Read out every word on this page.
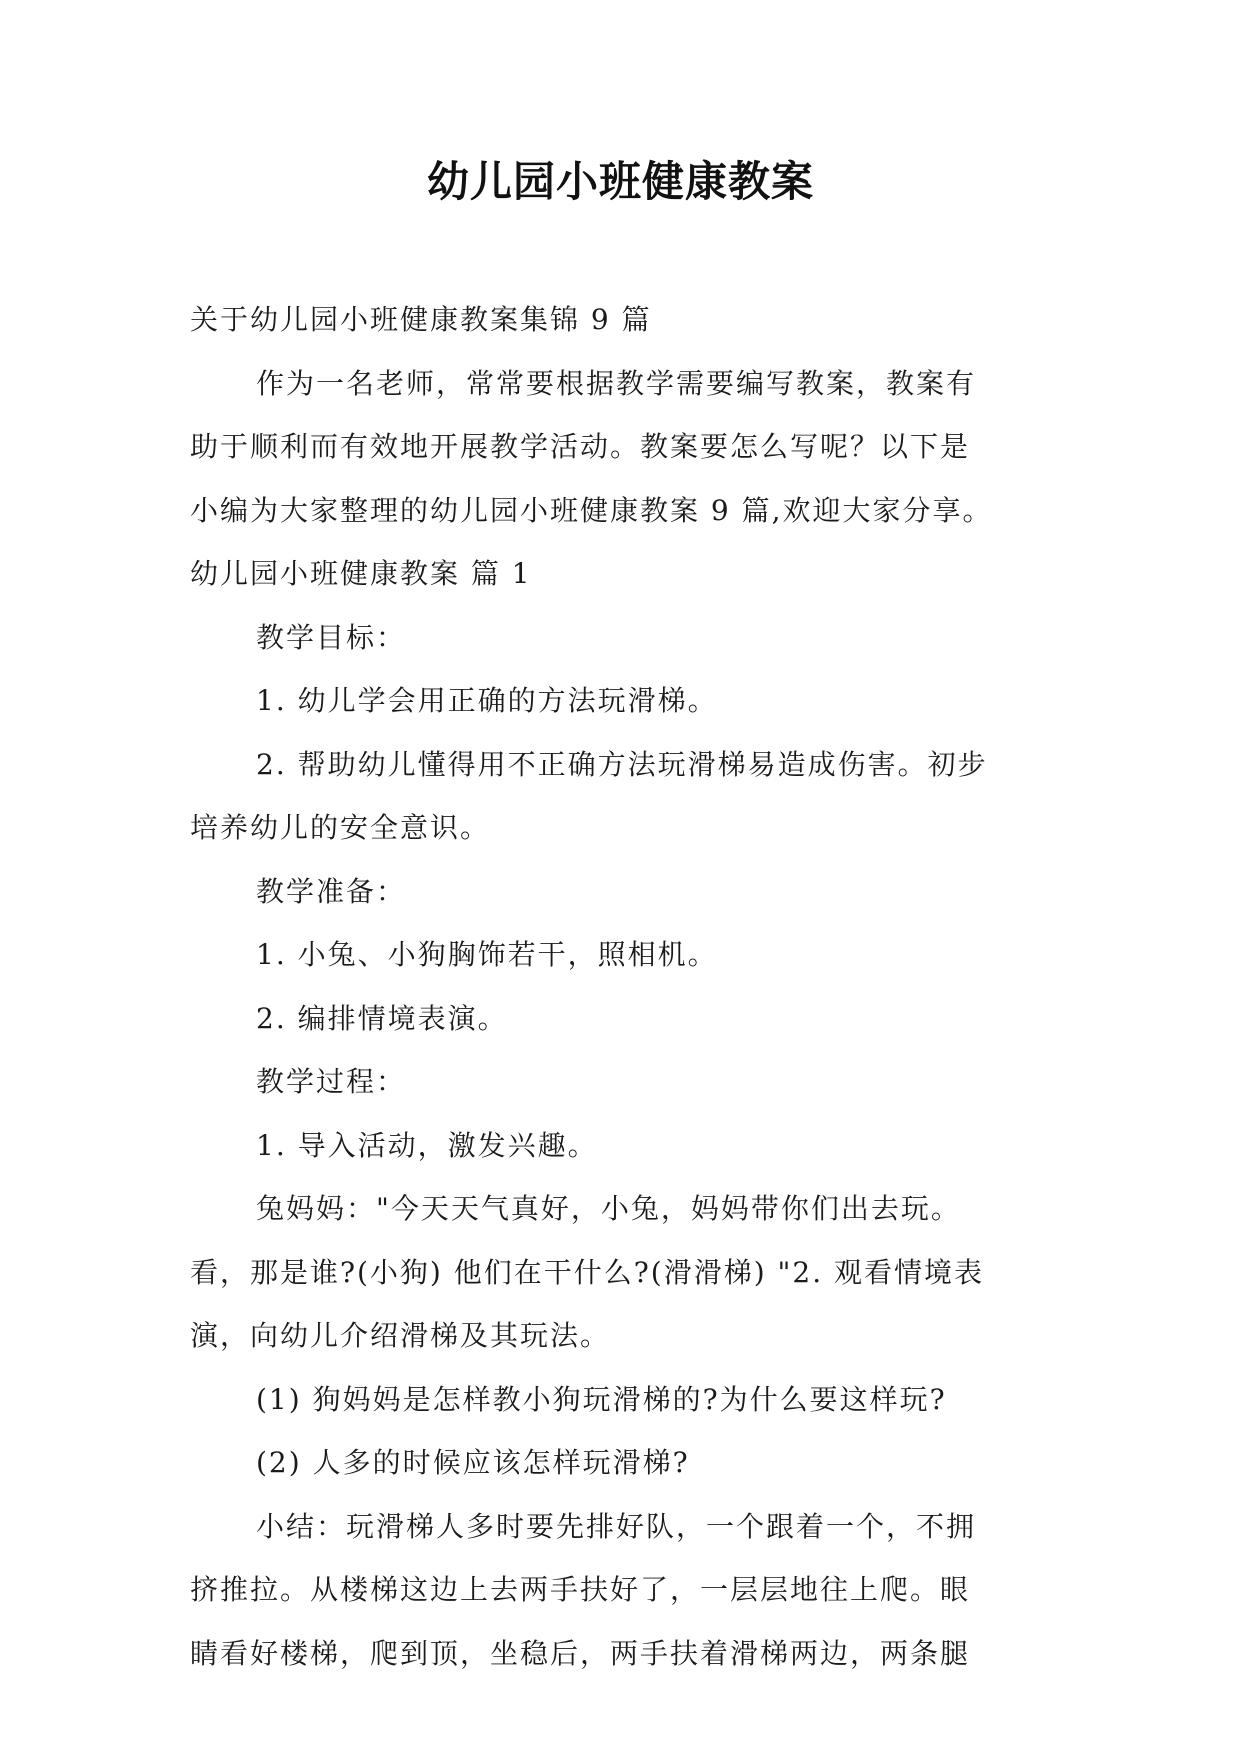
幼儿园小班健康教案

关于幼儿园小班健康教案集锦 9 篇

作为一名老师，常常要根据教学需要编写教案，教案有

助于顺利而有效地开展教学活动。教案要怎么写呢？以下是

小编为大家整理的幼儿园小班健康教案 9 篇,欢迎大家分享。

幼儿园小班健康教案 篇 1

教学目标：

1. 幼儿学会用正确的方法玩滑梯。

2. 帮助幼儿懂得用不正确方法玩滑梯易造成伤害。初步

培养幼儿的安全意识。

教学准备：

1. 小兔、小狗胸饰若干，照相机。

2. 编排情境表演。

教学过程：

1. 导入活动，激发兴趣。

兔妈妈："今天天气真好，小兔，妈妈带你们出去玩。

看，那是谁?(小狗) 他们在干什么?(滑滑梯) "2. 观看情境表

演，向幼儿介绍滑梯及其玩法。

(1) 狗妈妈是怎样教小狗玩滑梯的?为什么要这样玩?

(2) 人多的时候应该怎样玩滑梯?

小结：玩滑梯人多时要先排好队，一个跟着一个，不拥

挤推拉。从楼梯这边上去两手扶好了，一层层地往上爬。眼

睛看好楼梯，爬到顶，坐稳后，两手扶着滑梯两边，两条腿
